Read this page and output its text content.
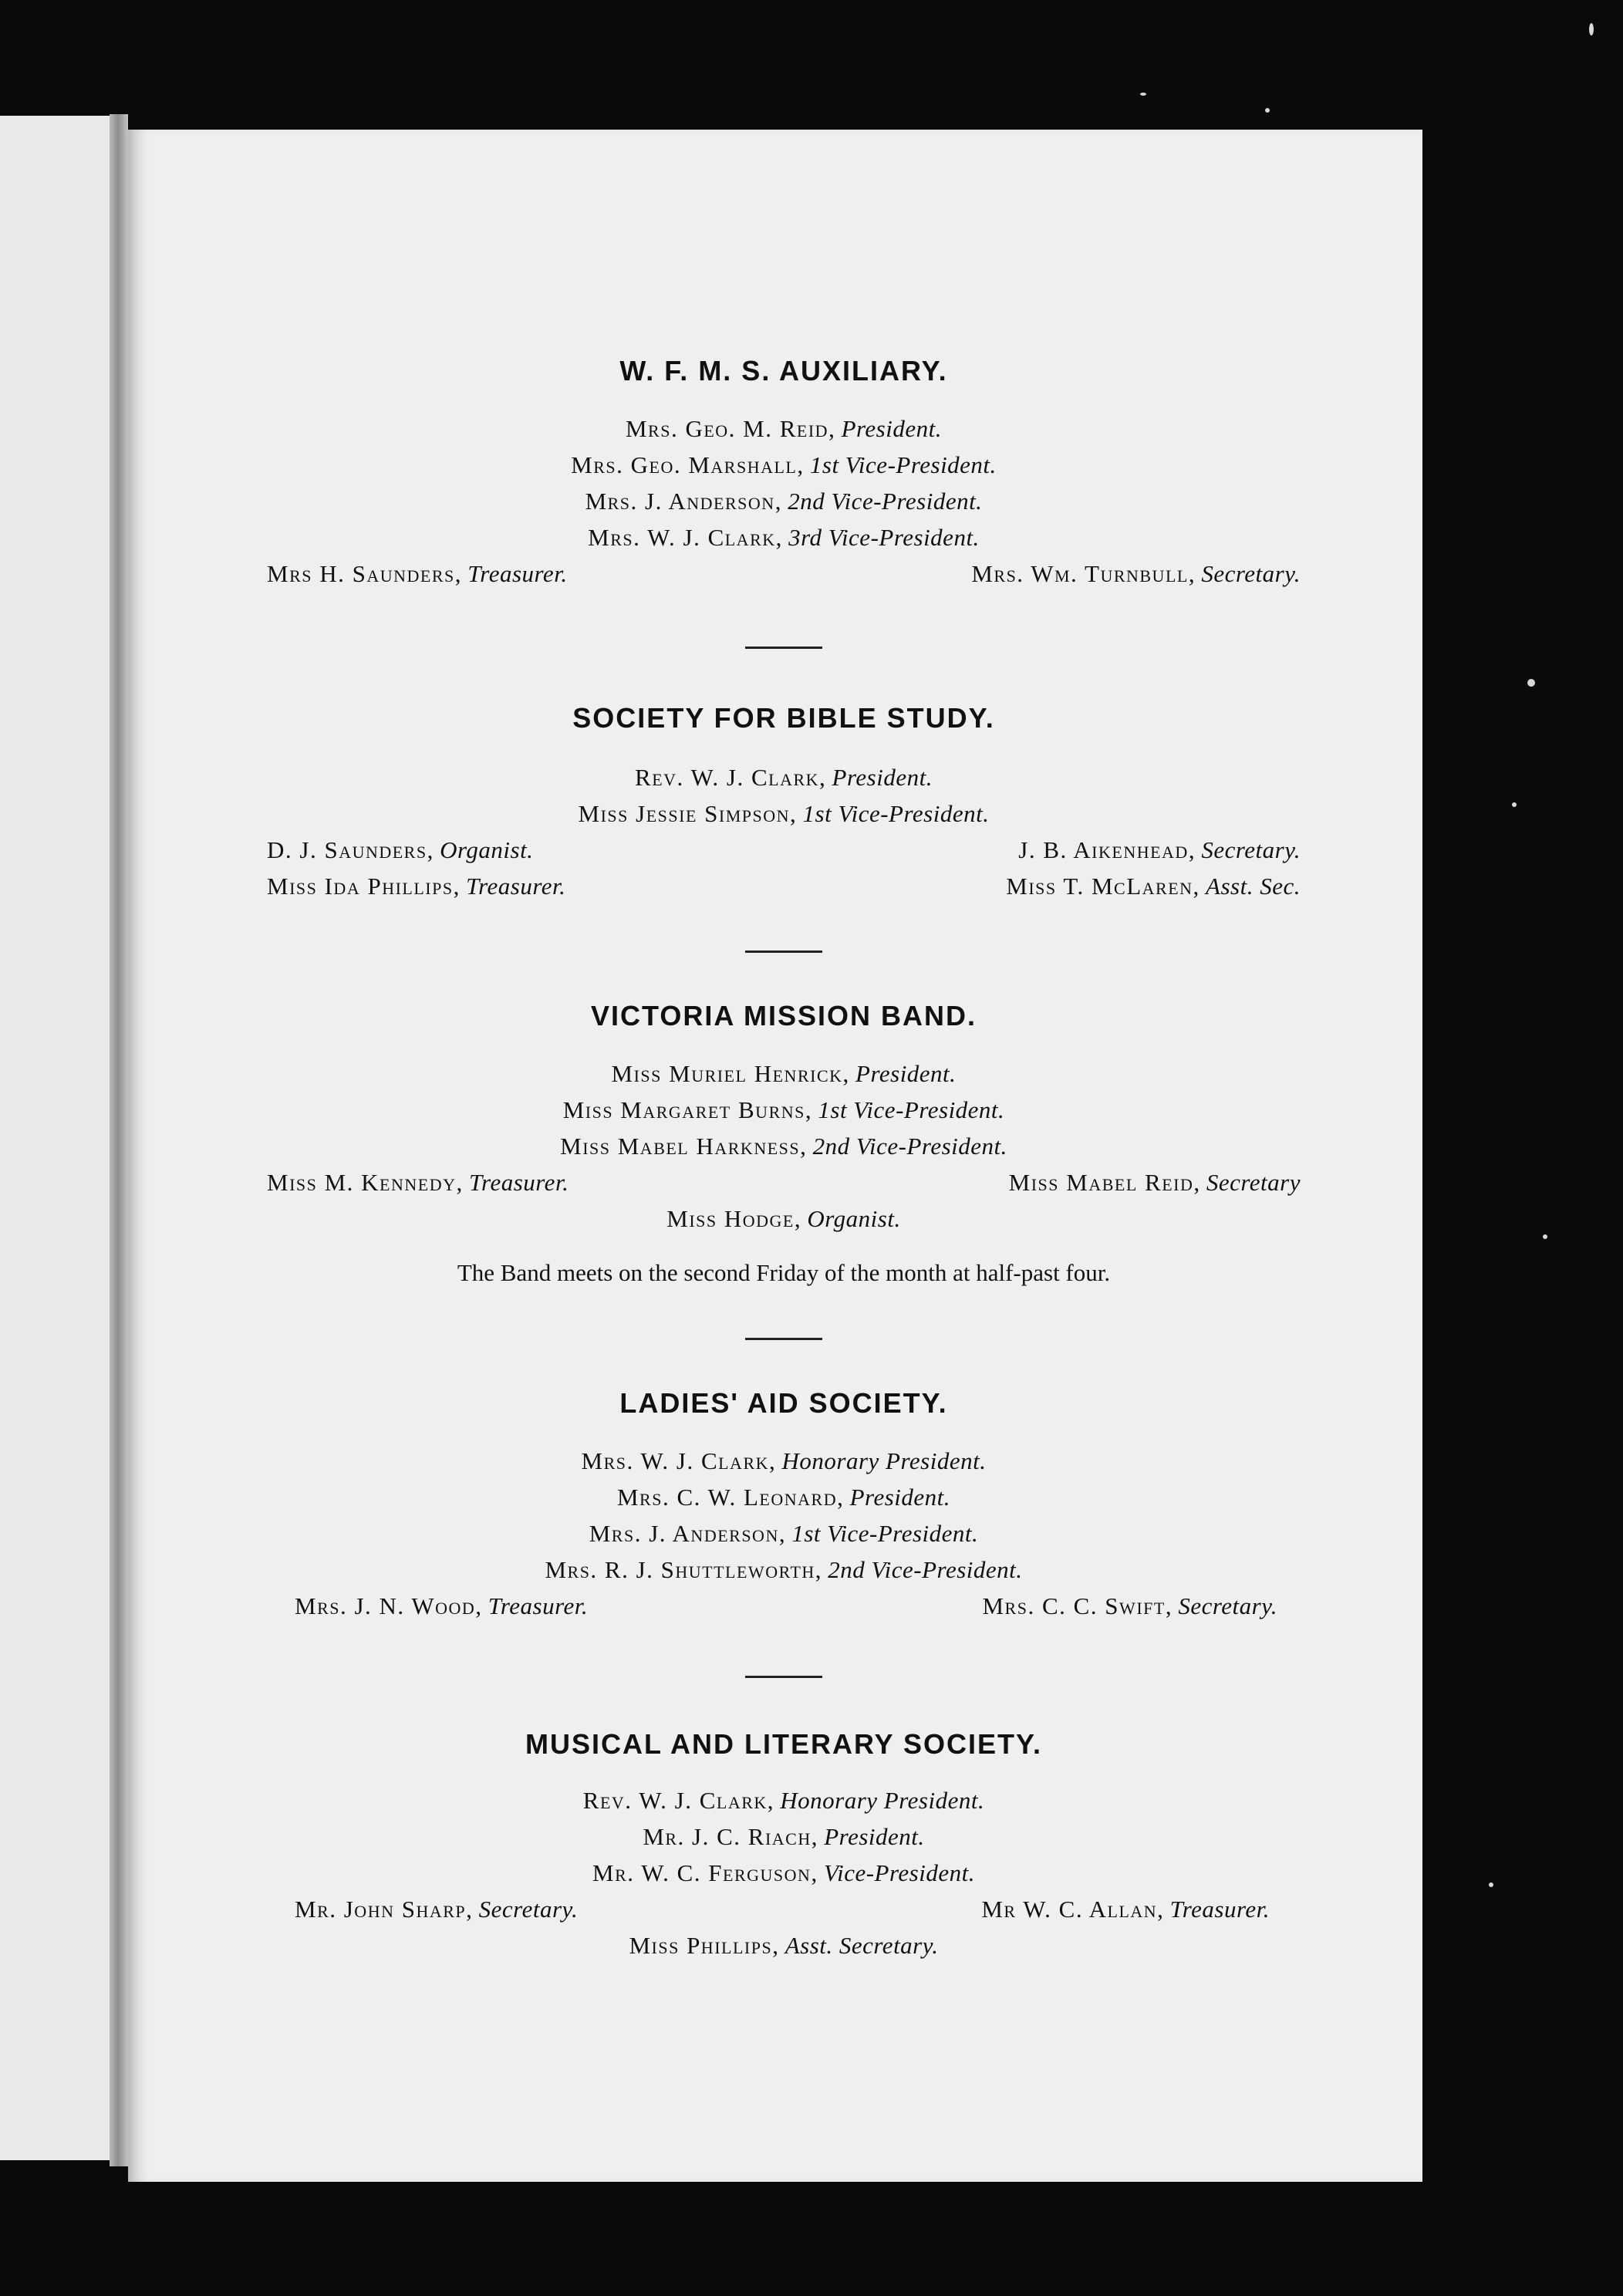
W. F. M. S. AUXILIARY.
Mrs. Geo. M. Reid, President.
Mrs. Geo. Marshall, 1st Vice-President.
Mrs. J. Anderson, 2nd Vice-President.
Mrs. W. J. Clark, 3rd Vice-President.
Mrs H. Saunders, Treasurer.	Mrs. Wm. Turnbull, Secretary.
SOCIETY FOR BIBLE STUDY.
Rev. W. J. Clark, President.
Miss Jessie Simpson, 1st Vice-President.
D. J. Saunders, Organist.	J. B. Aikenhead, Secretary.
Miss Ida Phillips, Treasurer.	Miss T. McLaren, Asst. Sec.
VICTORIA MISSION BAND.
Miss Muriel Henrick, President.
Miss Margaret Burns, 1st Vice-President.
Miss Mabel Harkness, 2nd Vice-President.
Miss M. Kennedy, Treasurer.	Miss Mabel Reid, Secretary
Miss Hodge, Organist.
The Band meets on the second Friday of the month at half-past four.
LADIES' AID SOCIETY.
Mrs. W. J. Clark, Honorary President.
Mrs. C. W. Leonard, President.
Mrs. J. Anderson, 1st Vice-President.
Mrs. R. J. Shuttleworth, 2nd Vice-President.
Mrs. J. N. Wood, Treasurer.	Mrs. C. C. Swift, Secretary.
MUSICAL AND LITERARY SOCIETY.
Rev. W. J. Clark, Honorary President.
Mr. J. C. Riach, President.
Mr. W. C. Ferguson, Vice-President.
Mr. John Sharp, Secretary.	Mr W. C. Allan, Treasurer.
Miss Phillips, Asst. Secretary.
